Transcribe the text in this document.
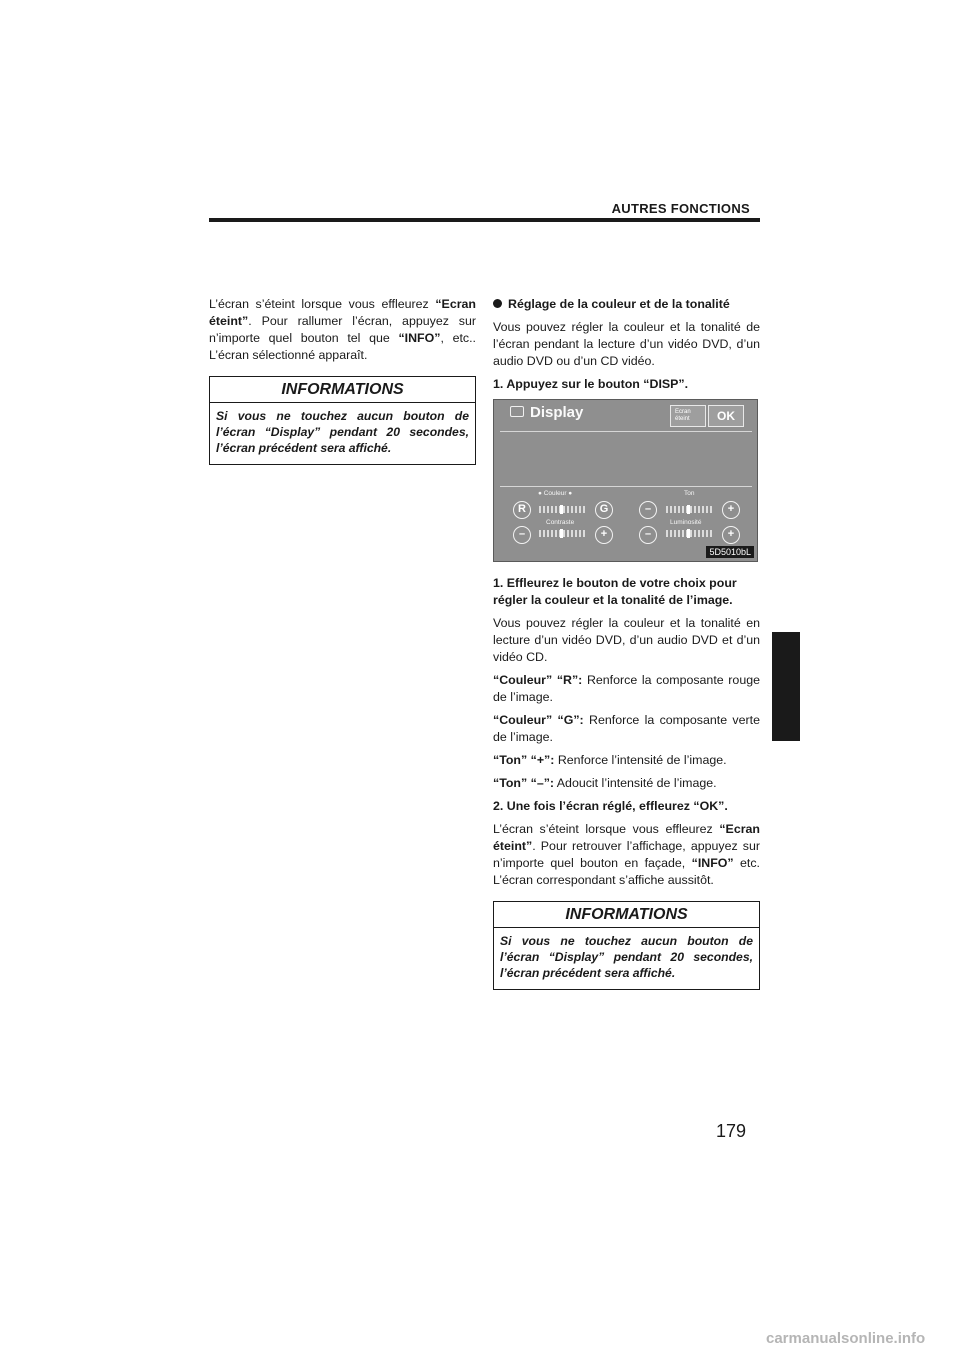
AUTRES FONCTIONS

L’écran s’éteint lorsque vous effleurez “Ecran éteint”. Pour rallumer l’écran, appuyez sur n’importe quel bouton tel que “INFO”, etc.. L’écran sélectionné apparaît.

INFORMATIONS
Si vous ne touchez aucun bouton de l’écran “Display” pendant 20 secondes, l’écran précédent sera affiché.

Réglage de la couleur et de la tonalité

Vous pouvez régler la couleur et la tonalité de l’écran pendant la lecture d’un vidéo DVD, d’un audio DVD ou d’un CD vidéo.

1. Appuyez sur le bouton “DISP”.

Display	Ecran
éteint	OK
● Couleur ●	Ton
Contraste	Luminosité
R	G	–	+
–	+	–	+
5D5010bL

1. Effleurez le bouton de votre choix pour régler la couleur et la tonalité de l’image.

Vous pouvez régler la couleur et la tonalité en lecture d’un vidéo DVD, d’un audio DVD et d’un vidéo CD.

“Couleur” “R”: Renforce la composante rouge de l’image.

“Couleur” “G”: Renforce la composante verte de l’image.

“Ton” “+”: Renforce l’intensité de l’image.

“Ton” “–”: Adoucit l’intensité de l’image.

2. Une fois l’écran réglé, effleurez “OK”.

L’écran s’éteint lorsque vous effleurez “Ecran éteint”. Pour retrouver l’affichage, appuyez sur n’importe quel bouton en façade, “INFO” etc. L’écran correspondant s’affiche aussitôt.

INFORMATIONS
Si vous ne touchez aucun bouton de l’écran “Display” pendant 20 secondes, l’écran précédent sera affiché.
179
carmanualsonline.info
